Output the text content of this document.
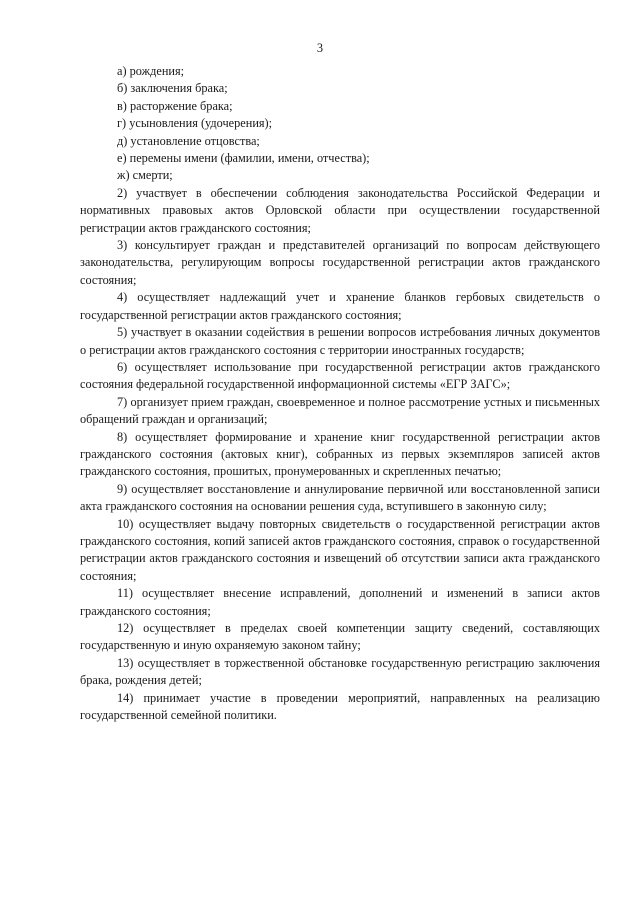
3

а) рождения;

б) заключения брака;

в) расторжение брака;

г) усыновления (удочерения);

д) установление отцовства;

е) перемены имени (фамилии, имени, отчества);

ж) смерти;

2) участвует в обеспечении соблюдения законодательства Российской Федерации и нормативных правовых актов Орловской области при осуществлении государственной регистрации актов гражданского состояния;

3) консультирует граждан и представителей организаций по вопросам действующего законодательства, регулирующим вопросы государственной регистрации актов гражданского состояния;

4) осуществляет надлежащий учет и хранение бланков гербовых свидетельств о государственной регистрации актов гражданского состояния;

5) участвует в оказании содействия в решении вопросов истребования личных документов о регистрации актов гражданского состояния с территории иностранных государств;

6) осуществляет использование при государственной регистрации актов гражданского состояния федеральной государственной информационной системы «ЕГР ЗАГС»;

7) организует прием граждан, своевременное и полное рассмотрение устных и письменных обращений граждан и организаций;

8) осуществляет формирование и хранение книг государственной регистрации актов гражданского состояния (актовых книг), собранных из первых экземпляров записей актов гражданского состояния, прошитых, пронумерованных и скрепленных печатью;

9) осуществляет восстановление и аннулирование первичной или восстановленной записи акта гражданского состояния на основании решения суда, вступившего в законную силу;

10) осуществляет выдачу повторных свидетельств о государственной регистрации актов гражданского состояния, копий записей актов гражданского состояния, справок о государственной регистрации актов гражданского состояния и извещений об отсутствии записи акта гражданского состояния;

11) осуществляет внесение исправлений, дополнений и изменений в записи актов гражданского состояния;

12) осуществляет в пределах своей компетенции защиту сведений, составляющих государственную и иную охраняемую законом тайну;

13) осуществляет в торжественной обстановке государственную регистрацию заключения брака, рождения детей;

14) принимает участие в проведении мероприятий, направленных на реализацию государственной семейной политики.
